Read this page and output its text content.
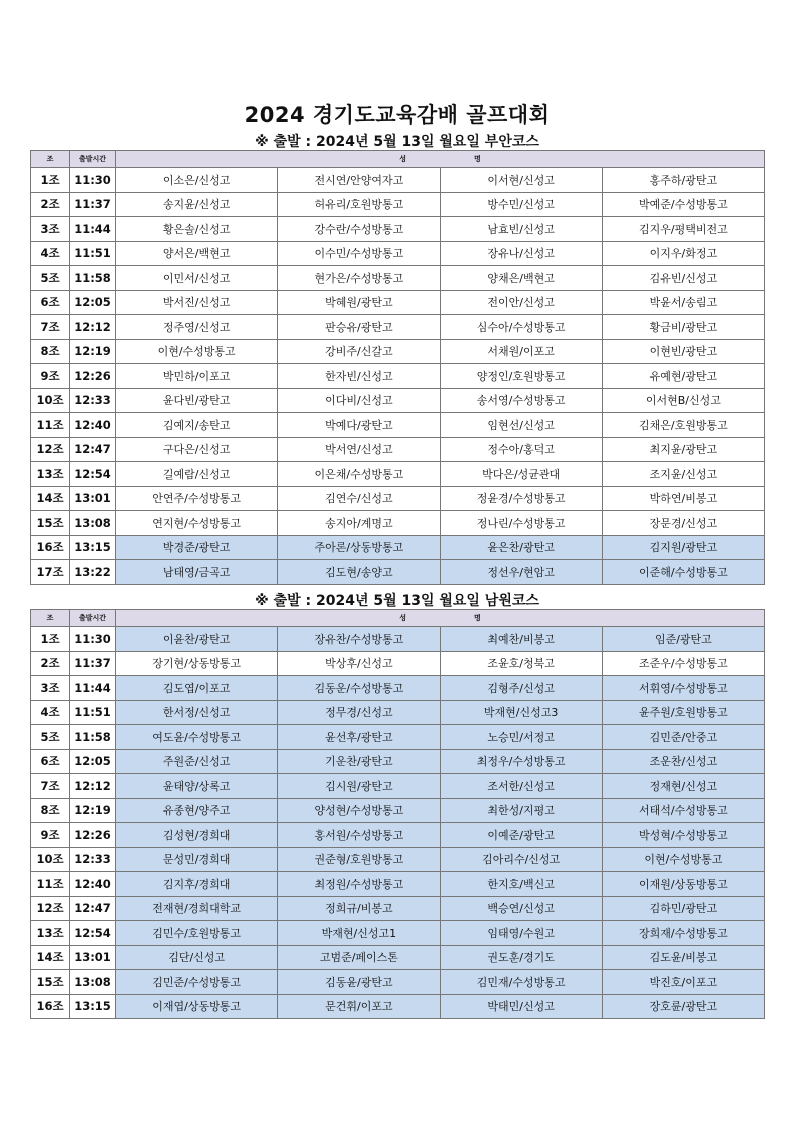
2024 경기도교육감배 골프대회
※ 출발 : 2024년 5월 13일 월요일 부안코스
조	출발시간	성 명			
1조	11:30	이소은/신성고	전시연/안양여자고	이서현/신성고	홍주하/광탄고
2조	11:37	송지윤/신성고	허유리/호원방통고	방수민/신성고	박예준/수성방통고
3조	11:44	황은솔/신성고	강수란/수성방통고	남효빈/신성고	김지우/평택비전고
4조	11:51	양서은/백현고	이수민/수성방통고	장유나/신성고	이지우/화정고
5조	11:58	이민서/신성고	현가은/수성방통고	양채은/백현고	김유빈/신성고
6조	12:05	박서진/신성고	박혜원/광탄고	전이안/신성고	박윤서/송림고
7조	12:12	정주영/신성고	판승유/광탄고	심수아/수성방통고	황금비/광탄고
8조	12:19	이현/수성방통고	강비주/신갈고	서채원/이포고	이현빈/광탄고
9조	12:26	박민하/이포고	한자빈/신성고	양정인/호원방통고	유예현/광탄고
10조	12:33	윤다빈/광탄고	이다비/신성고	송서영/수성방통고	이서현B/신성고
11조	12:40	김예지/송탄고	박예다/광탄고	임현선/신성고	김채은/호원방통고
12조	12:47	구다은/신성고	박서연/신성고	정수아/홍덕고	최지윤/광탄고
13조	12:54	길예람/신성고	이은채/수성방통고	박다은/성균관대	조지윤/신성고
14조	13:01	안연주/수성방통고	김연수/신성고	정윤경/수성방통고	박하연/비봉고
15조	13:08	연지현/수성방통고	송지아/계명고	정나린/수성방통고	장문경/신성고
16조	13:15	박경준/광탄고	주아론/상동방통고	윤은찬/광탄고	김지원/광탄고
17조	13:22	남태영/금곡고	김도현/송양고	정선우/현암고	이준해/수성방통고
※ 출발 : 2024년 5월 13일 월요일 남원코스
조	출발시간	성 명			
1조	11:30	이윤찬/광탄고	장유찬/수성방통고	최예찬/비봉고	임준/광탄고
2조	11:37	장기현/상동방통고	박상후/신성고	조윤호/청북고	조준우/수성방통고
3조	11:44	김도엽/이포고	김동운/수성방통고	김형주/신성고	서휘영/수성방통고
4조	11:51	한서정/신성고	정무경/신성고	박재현/신성고3	윤주원/호원방통고
5조	11:58	여도윤/수성방통고	윤선후/광탄고	노승민/서정고	김민준/안중고
6조	12:05	주원준/신성고	기운찬/광탄고	최정우/수성방통고	조운찬/신성고
7조	12:12	윤태양/상록고	김시원/광탄고	조서한/신성고	정재현/신성고
8조	12:19	유종현/양주고	양성현/수성방통고	최한성/지평고	서태석/수성방통고
9조	12:26	김성현/경희대	홍서원/수성방통고	이예준/광탄고	박성혁/수성방통고
10조	12:33	문성민/경희대	권준형/호원방통고	김아리수/신성고	이현/수성방통고
11조	12:40	김지후/경희대	최정원/수성방통고	한지호/백신고	이재원/상동방통고
12조	12:47	전재현/경희대학교	정희규/비봉고	백승연/신성고	김하민/광탄고
13조	12:54	김민수/호원방통고	박재현/신성고1	임태영/수원고	장희재/수성방통고
14조	13:01	김단/신성고	고범준/페이스톤	권도훈/경기도	김도윤/비봉고
15조	13:08	김민준/수성방통고	김동윤/광탄고	김민재/수성방통고	박진호/이포고
16조	13:15	이재엽/상동방통고	문건휘/이포고	박태민/신성고	장호륜/광탄고
